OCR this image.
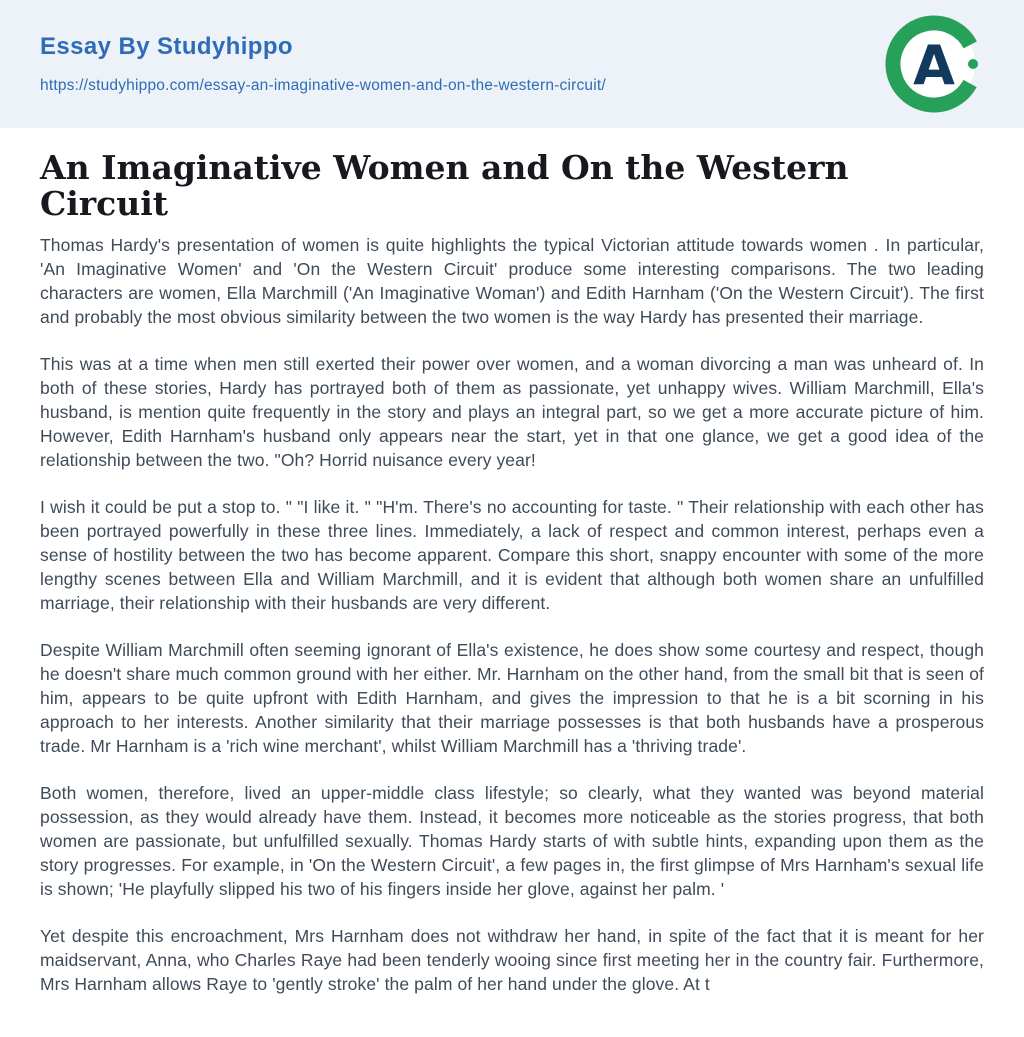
Essay By Studyhippo
https://studyhippo.com/essay-an-imaginative-women-and-on-the-western-circuit/	A
An Imaginative Women and On the Western Circuit

Thomas Hardy's presentation of women is quite highlights the typical Victorian attitude towards women . In particular, 'An Imaginative Women' and 'On the Western Circuit' produce some interesting comparisons. The two leading characters are women, Ella Marchmill ('An Imaginative Woman') and Edith Harnham ('On the Western Circuit'). The first and probably the most obvious similarity between the two women is the way Hardy has presented their marriage.

This was at a time when men still exerted their power over women, and a woman divorcing a man was unheard of. In both of these stories, Hardy has portrayed both of them as passionate, yet unhappy wives. William Marchmill, Ella's husband, is mention quite frequently in the story and plays an integral part, so we get a more accurate picture of him. However, Edith Harnham's husband only appears near the start, yet in that one glance, we get a good idea of the relationship between the two. "Oh? Horrid nuisance every year!

I wish it could be put a stop to. " "I like it. " "H'm. There's no accounting for taste. " Their relationship with each other has been portrayed powerfully in these three lines. Immediately, a lack of respect and common interest, perhaps even a sense of hostility between the two has become apparent. Compare this short, snappy encounter with some of the more lengthy scenes between Ella and William Marchmill, and it is evident that although both women share an unfulfilled marriage, their relationship with their husbands are very different.

Despite William Marchmill often seeming ignorant of Ella's existence, he does show some courtesy and respect, though he doesn't share much common ground with her either. Mr. Harnham on the other hand, from the small bit that is seen of him, appears to be quite upfront with Edith Harnham, and gives the impression to that he is a bit scorning in his approach to her interests. Another similarity that their marriage possesses is that both husbands have a prosperous trade. Mr Harnham is a 'rich wine merchant', whilst William Marchmill has a 'thriving trade'.

Both women, therefore, lived an upper-middle class lifestyle; so clearly, what they wanted was beyond material possession, as they would already have them. Instead, it becomes more noticeable as the stories progress, that both women are passionate, but unfulfilled sexually. Thomas Hardy starts of with subtle hints, expanding upon them as the story progresses. For example, in 'On the Western Circuit', a few pages in, the first glimpse of Mrs Harnham's sexual life is shown; 'He playfully slipped his two of his fingers inside her glove, against her palm. '

Yet despite this encroachment, Mrs Harnham does not withdraw her hand, in spite of the fact that it is meant for her maidservant, Anna, who Charles Raye had been tenderly wooing since first meeting her in the country fair. Furthermore, Mrs Harnham allows Raye to 'gently stroke' the palm of her hand under the glove. At t
